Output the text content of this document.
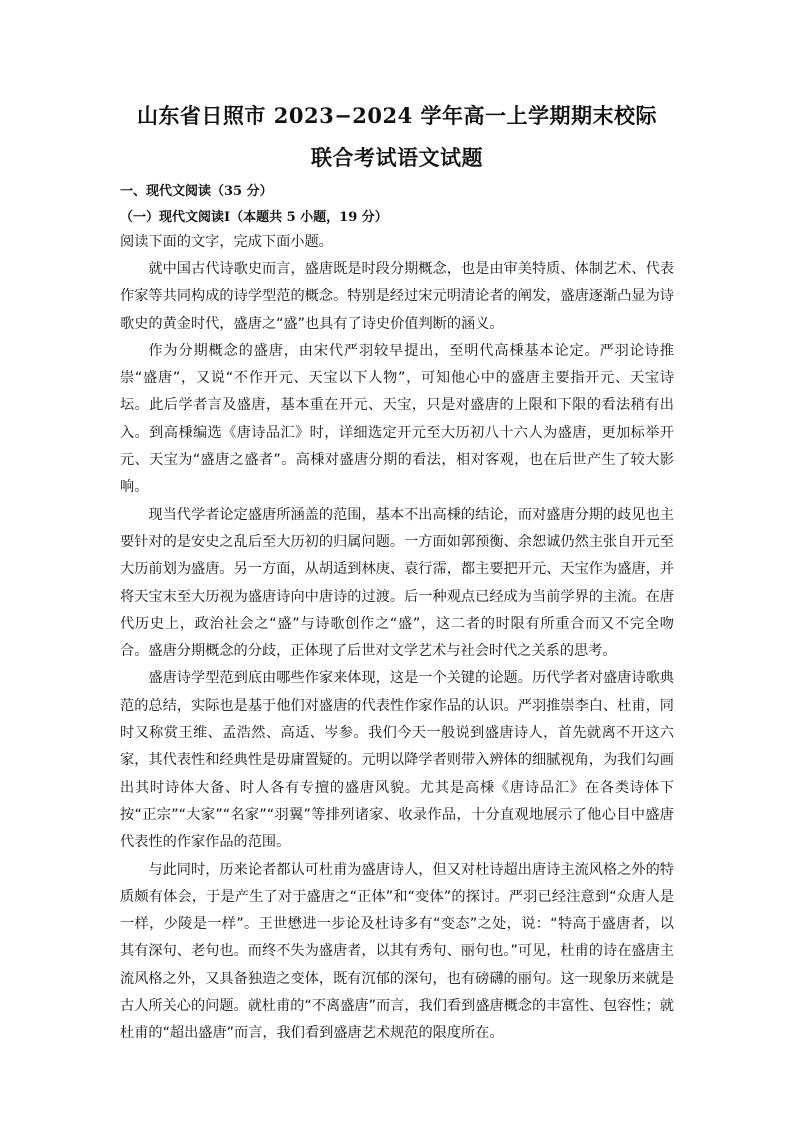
山东省日照市 2023−2024 学年高一上学期期末校际
联合考试语文试题
一、现代文阅读（35 分）
（一）现代文阅读Ⅰ（本题共 5 小题，19 分）
阅读下面的文字，完成下面小题。

就中国古代诗歌史而言，盛唐既是时段分期概念，也是由审美特质、体制艺术、代表作家等共同构成的诗学型范的概念。特别是经过宋元明清论者的阐发，盛唐逐渐凸显为诗歌史的黄金时代，盛唐之“盛”也具有了诗史价值判断的涵义。

作为分期概念的盛唐，由宋代严羽较早提出，至明代高棅基本论定。严羽论诗推崇“盛唐”，又说“不作开元、天宝以下人物”，可知他心中的盛唐主要指开元、天宝诗坛。此后学者言及盛唐，基本重在开元、天宝，只是对盛唐的上限和下限的看法稍有出入。到高棅编选《唐诗品汇》时，详细选定开元至大历初八十六人为盛唐，更加标举开元、天宝为“盛唐之盛者”。高棅对盛唐分期的看法，相对客观，也在后世产生了较大影响。

现当代学者论定盛唐所涵盖的范围，基本不出高棅的结论，而对盛唐分期的歧见也主要针对的是安史之乱后至大历初的归属问题。一方面如郭预衡、余恕诚仍然主张自开元至大历前划为盛唐。另一方面，从胡适到林庚、袁行霈，都主要把开元、天宝作为盛唐，并将天宝末至大历视为盛唐诗向中唐诗的过渡。后一种观点已经成为当前学界的主流。在唐代历史上，政治社会之“盛”与诗歌创作之“盛”，这二者的时限有所重合而又不完全吻合。盛唐分期概念的分歧，正体现了后世对文学艺术与社会时代之关系的思考。

盛唐诗学型范到底由哪些作家来体现，这是一个关键的论题。历代学者对盛唐诗歌典范的总结，实际也是基于他们对盛唐的代表性作家作品的认识。严羽推崇李白、杜甫，同时又称赏王维、孟浩然、高适、岑参。我们今天一般说到盛唐诗人，首先就离不开这六家，其代表性和经典性是毋庸置疑的。元明以降学者则带入辨体的细腻视角，为我们勾画出其时诗体大备、时人各有专擅的盛唐风貌。尤其是高棅《唐诗品汇》在各类诗体下按“正宗”“大家”“名家”“羽翼”等排列诸家、收录作品，十分直观地展示了他心目中盛唐代表性的作家作品的范围。

与此同时，历来论者都认可杜甫为盛唐诗人，但又对杜诗超出唐诗主流风格之外的特质颇有体会，于是产生了对于盛唐之“正体”和“变体”的探讨。严羽已经注意到“众唐人是一样，少陵是一样”。王世懋进一步论及杜诗多有“变态”之处，说：“特高于盛唐者，以其有深句、老句也。而终不失为盛唐者，以其有秀句、丽句也。”可见，杜甫的诗在盛唐主流风格之外，又具备独造之变体，既有沉郁的深句，也有磅礴的丽句。这一现象历来就是古人所关心的问题。就杜甫的“不离盛唐”而言，我们看到盛唐概念的丰富性、包容性；就杜甫的“超出盛唐”而言，我们看到盛唐艺术规范的限度所在。
